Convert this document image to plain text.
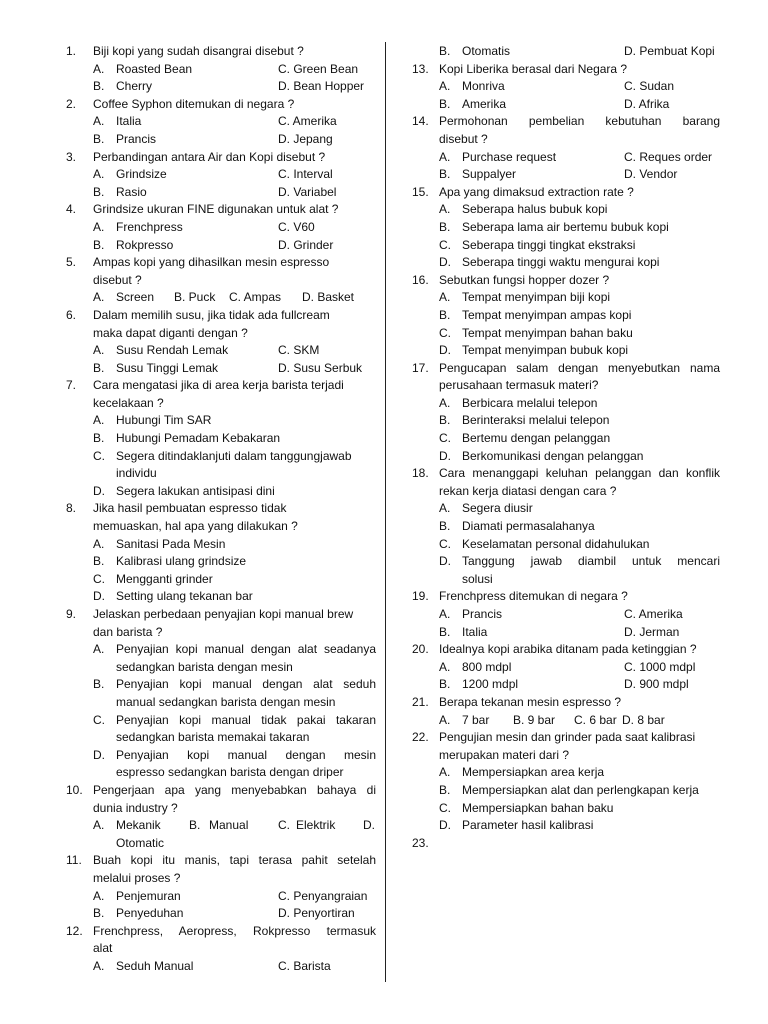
1. Biji kopi yang sudah disangrai disebut ?
A. Roasted Bean	C. Green Bean
B. Cherry	D. Bean Hopper
2. Coffee Syphon ditemukan di negara ?
A. Italia	C. Amerika
B. Prancis	D. Jepang
3. Perbandingan antara Air dan Kopi disebut ?
A. Grindsize	C. Interval
B. Rasio	D. Variabel
4. Grindsize ukuran FINE digunakan untuk alat ?
A. Frenchpress	C. V60
B. Rokpresso	D. Grinder
5. Ampas kopi yang dihasilkan mesin espresso
disebut ?
A. Screen B. Puck C. Ampas D. Basket
6. Dalam memilih susu, jika tidak ada fullcream
maka dapat diganti dengan ?
A. Susu Rendah Lemak	C. SKM
B. Susu Tinggi Lemak	D. Susu Serbuk
7. Cara mengatasi jika di area kerja barista terjadi
kecelakaan ?
A. Hubungi Tim SAR
B. Hubungi Pemadam Kebakaran
C. Segera ditindaklanjuti dalam tanggungjawab
individu
D. Segera lakukan antisipasi dini
8. Jika hasil pembuatan espresso tidak
memuaskan, hal apa yang dilakukan ?
A. Sanitasi Pada Mesin
B. Kalibrasi ulang grindsize
C. Mengganti grinder
D. Setting ulang tekanan bar
9. Jelaskan perbedaan penyajian kopi manual brew
dan barista ?
A. Penyajian kopi manual dengan alat seadanya
sedangkan barista dengan mesin
B. Penyajian kopi manual dengan alat seduh
manual sedangkan barista dengan mesin
C. Penyajian kopi manual tidak pakai takaran
sedangkan barista memakai takaran
D. Penyajian kopi manual dengan mesin
espresso sedangkan barista dengan driper
10. Pengerjaan apa yang menyebabkan bahaya di
dunia industry ?
A. Mekanik B. Manual C. Elektrik D.
Otomatic
11. Buah kopi itu manis, tapi terasa pahit setelah
melalui proses ?
A. Penjemuran	C. Penyangraian
B. Penyeduhan	D. Penyortiran
12. Frenchpress, Aeropress, Rokpresso termasuk
alat
A. Seduh Manual	C. Barista
B. Otomatis	D. Pembuat Kopi
13. Kopi Liberika berasal dari Negara ?
A. Monriva	C. Sudan
B. Amerika	D. Afrika
14. Permohonan pembelian kebutuhan barang
disebut ?
A. Purchase request	C. Reques order
B. Suppalyer	D. Vendor
15. Apa yang dimaksud extraction rate ?
A. Seberapa halus bubuk kopi
B. Seberapa lama air bertemu bubuk kopi
C. Seberapa tinggi tingkat ekstraksi
D. Seberapa tinggi waktu mengurai kopi
16. Sebutkan fungsi hopper dozer ?
A. Tempat menyimpan biji kopi
B. Tempat menyimpan ampas kopi
C. Tempat menyimpan bahan baku
D. Tempat menyimpan bubuk kopi
17. Pengucapan salam dengan menyebutkan nama
perusahaan termasuk materi?
A. Berbicara melalui telepon
B. Berinteraksi melalui telepon
C. Bertemu dengan pelanggan
D. Berkomunikasi dengan pelanggan
18. Cara menanggapi keluhan pelanggan dan konflik
rekan kerja diatasi dengan cara ?
A. Segera diusir
B. Diamati permasalahanya
C. Keselamatan personal didahulukan
D. Tanggung jawab diambil untuk mencari
solusi
19. Frenchpress ditemukan di negara ?
A. Prancis	C. Amerika
B. Italia	D. Jerman
20. Idealnya kopi arabika ditanam pada ketinggian ?
A. 800 mdpl	C. 1000 mdpl
B. 1200 mdpl	D. 900 mdpl
21. Berapa tekanan mesin espresso ?
A. 7 bar B. 9 bar C. 6 bar D. 8 bar
22. Pengujian mesin dan grinder pada saat kalibrasi
merupakan materi dari ?
A. Mempersiapkan area kerja
B. Mempersiapkan alat dan perlengkapan kerja
C. Mempersiapkan bahan baku
D. Parameter hasil kalibrasi
23.
